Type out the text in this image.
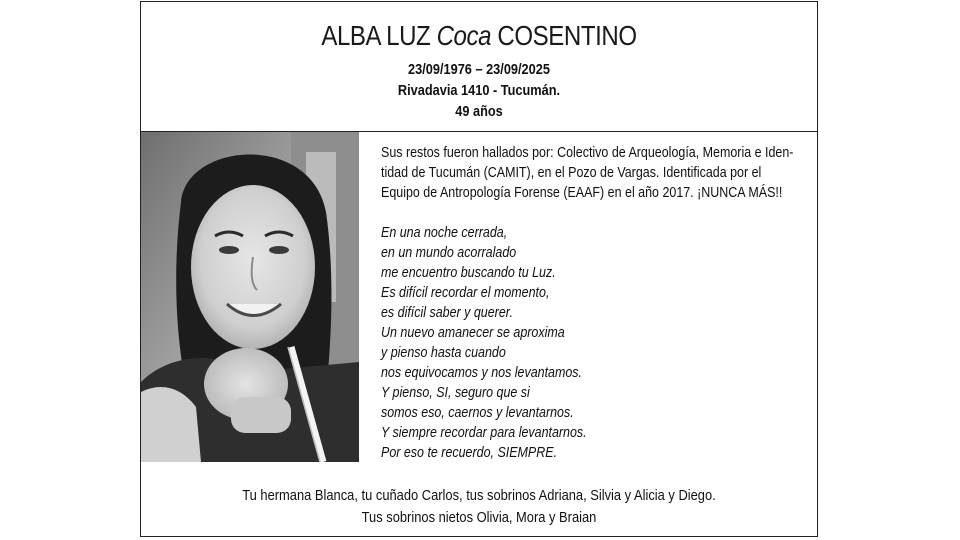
ALBA LUZ Coca COSENTINO
23/09/1976 – 23/09/2025
Rivadavia 1410 - Tucumán.
49 años
Sus restos fueron hallados por: Colectivo de Arqueología, Memoria e Iden-
tidad de Tucumán (CAMIT), en el Pozo de Vargas. Identificada por el
Equipo de Antropología Forense (EAAF) en el año 2017. ¡NUNCA MÁS!!
En una noche cerrada,
en un mundo acorralado
me encuentro buscando tu Luz.
Es difícil recordar el momento,
es difícil saber y querer.
Un nuevo amanecer se aproxima
y pienso hasta cuando
nos equivocamos y nos levantamos.
Y pienso, SI, seguro que si
somos eso, caernos y levantarnos.
Y siempre recordar para levantarnos.
Por eso te recuerdo, SIEMPRE.
Tu hermana Blanca, tu cuñado Carlos, tus sobrinos Adriana, Silvia y Alicia y Diego.
Tus sobrinos nietos Olivia, Mora y Braian
